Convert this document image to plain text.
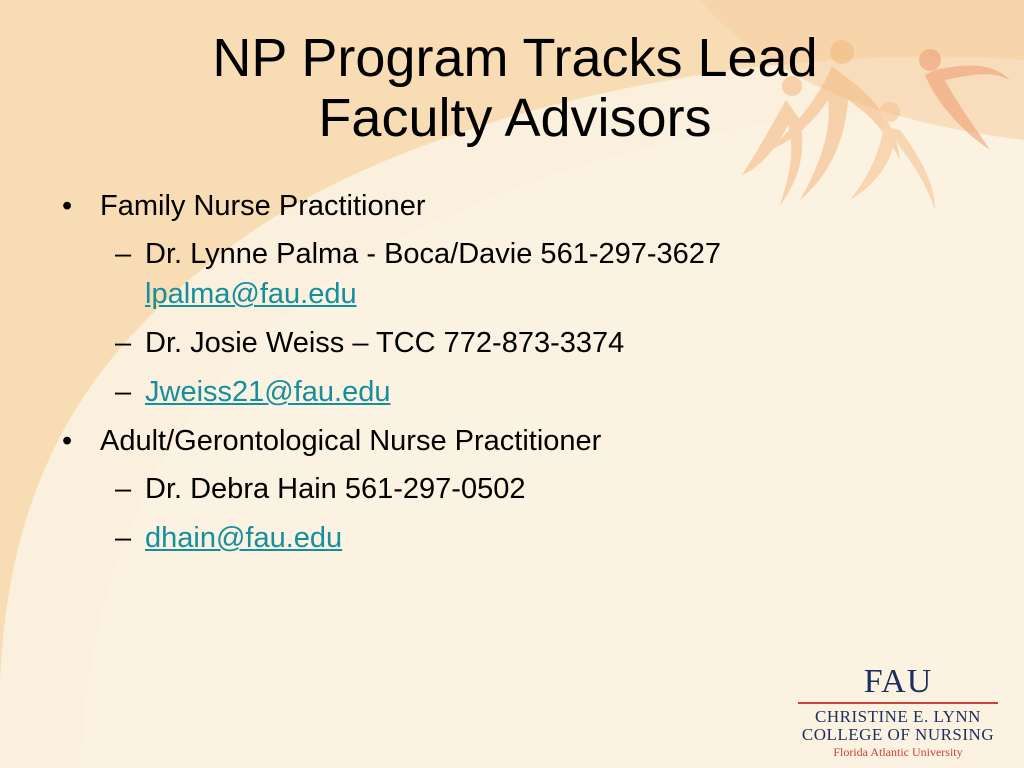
NP Program Tracks Lead
Faculty Advisors
• Family Nurse Practitioner
– Dr. Lynne Palma - Boca/Davie 561-297-3627
lpalma@fau.edu
– Dr. Josie Weiss – TCC 772-873-3374
– Jweiss21@fau.edu
• Adult/Gerontological Nurse Practitioner
– Dr. Debra Hain 561-297-0502
– dhain@fau.edu
FAU
CHRISTINE E. LYNN
COLLEGE OF NURSING
Florida Atlantic University
